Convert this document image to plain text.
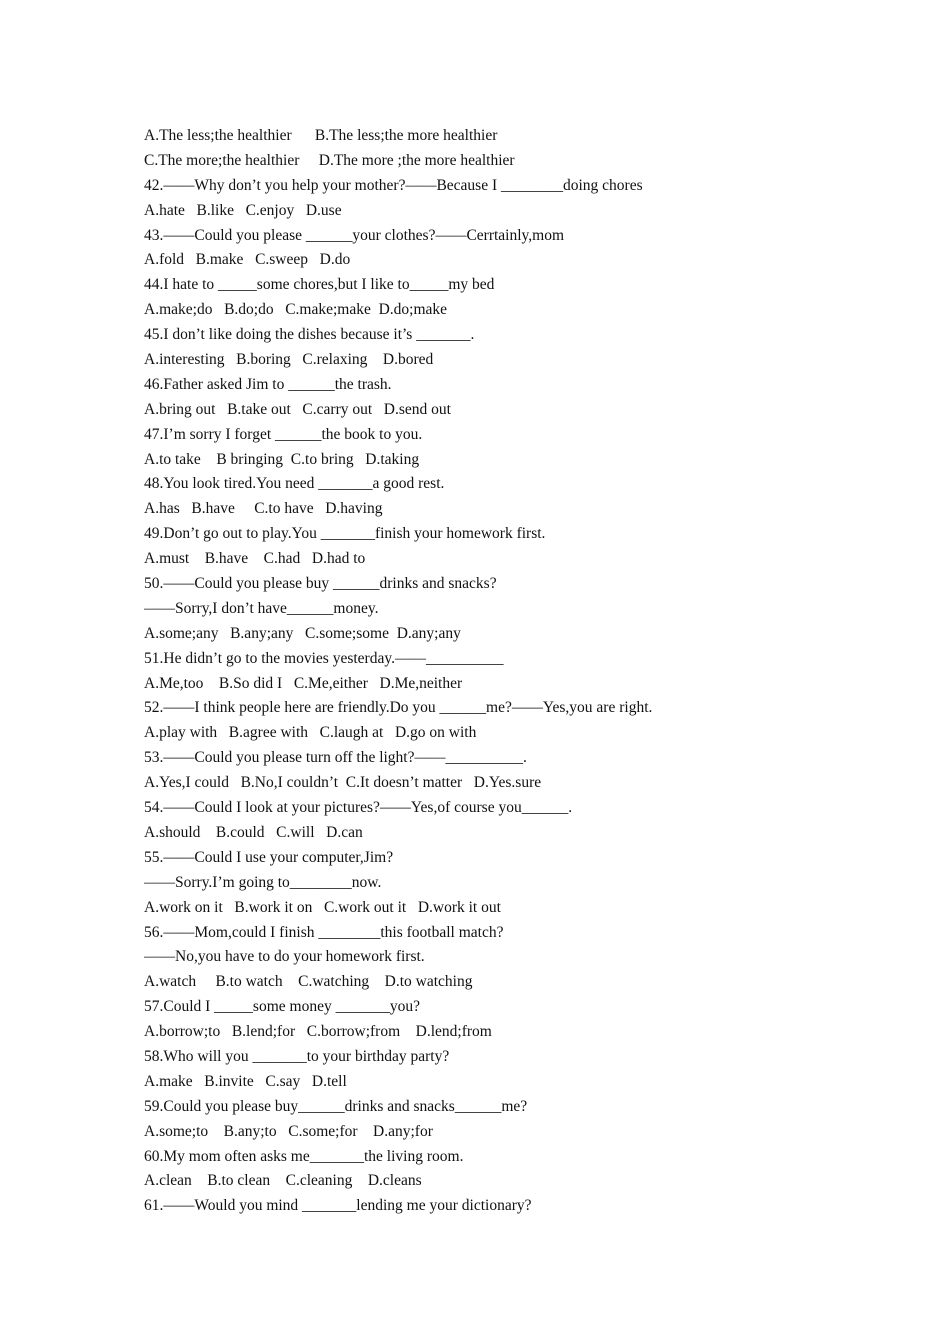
A.The less;the healthier      B.The less;the more healthier
C.The more;the healthier     D.The more ;the more healthier
42.——Why don’t you help your mother?——Because I ________doing chores
A.hate   B.like   C.enjoy   D.use
43.——Could you please ______your clothes?——Cerrtainly,mom
A.fold   B.make   C.sweep   D.do
44.I hate to _____some chores,but I like to_____my bed
A.make;do   B.do;do   C.make;make  D.do;make
45.I don’t like doing the dishes because it’s _______.
A.interesting   B.boring   C.relaxing    D.bored
46.Father asked Jim to ______the trash.
A.bring out   B.take out   C.carry out   D.send out
47.I’m sorry I forget ______the book to you.
A.to take    B bringing  C.to bring   D.taking
48.You look tired.You need _______a good rest.
A.has   B.have     C.to have   D.having
49.Don’t go out to play.You _______finish your homework first.
A.must    B.have    C.had   D.had to
50.——Could you please buy ______drinks and snacks?
——Sorry,I don’t have______money.
A.some;any   B.any;any   C.some;some  D.any;any
51.He didn’t go to the movies yesterday.——__________
A.Me,too    B.So did I   C.Me,either   D.Me,neither
52.——I think people here are friendly.Do you ______me?——Yes,you are right.
A.play with   B.agree with   C.laugh at   D.go on with
53.——Could you please turn off the light?——__________.
A.Yes,I could   B.No,I couldn’t  C.It doesn’t matter   D.Yes.sure
54.——Could I look at your pictures?——Yes,of course you______.
A.should    B.could   C.will   D.can
55.——Could I use your computer,Jim?
——Sorry.I’m going to________now.
A.work on it   B.work it on   C.work out it   D.work it out
56.——Mom,could I finish ________this football match?
——No,you have to do your homework first.
A.watch     B.to watch    C.watching    D.to watching
57.Could I _____some money _______you?
A.borrow;to   B.lend;for   C.borrow;from    D.lend;from
58.Who will you _______to your birthday party?
A.make   B.invite   C.say   D.tell
59.Could you please buy______drinks and snacks______me?
A.some;to    B.any;to   C.some;for    D.any;for
60.My mom often asks me_______the living room.
A.clean    B.to clean    C.cleaning    D.cleans
61.——Would you mind _______lending me your dictionary?
